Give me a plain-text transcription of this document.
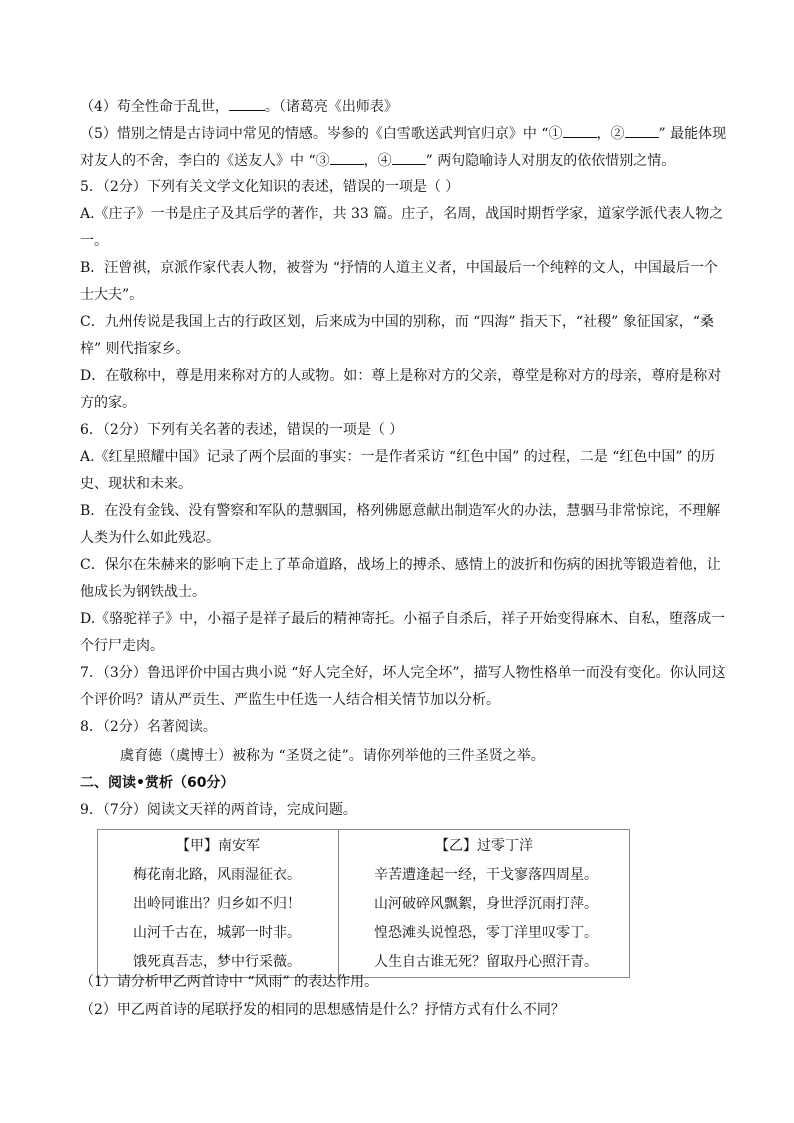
（4）苟全性命于乱世，	。（诸葛亮《出师表》
（5）惜别之情是古诗词中常见的情感。岑参的《白雪歌送武判官归京》中 “① ，② ” 最能体现
对友人的不舍，李白的《送友人》中 “③ ，④ ” 两句隐喻诗人对朋友的依依惜别之情。
5．（2分）下列有关文学文化知识的表述，错误的一项是（ ）
A.《庄子》一书是庄子及其后学的著作，共 33 篇。庄子，名周，战国时期哲学家，道家学派代表人物之
一。
B．汪曾祺，京派作家代表人物，被誉为 “抒情的人道主义者，中国最后一个纯粹的文人，中国最后一个
士大夫”。
C．九州传说是我国上古的行政区划，后来成为中国的别称，而 “四海” 指天下，“社稷” 象征国家，“桑
梓” 则代指家乡。
D．在敬称中，尊是用来称对方的人或物。如：尊上是称对方的父亲，尊堂是称对方的母亲，尊府是称对
方的家。
6．（2分）下列有关名著的表述，错误的一项是（ ）
A.《红星照耀中国》记录了两个层面的事实：一是作者采访 “红色中国” 的过程，二是 “红色中国” 的历
史、现状和未来。
B．在没有金钱、没有警察和军队的慧骃国，格列佛愿意献出制造军火的办法，慧骃马非常惊诧，不理解
人类为什么如此残忍。
C．保尔在朱赫来的影响下走上了革命道路，战场上的搏杀、感情上的波折和伤病的困扰等锻造着他，让
他成长为钢铁战士。
D.《骆驼祥子》中，小福子是祥子最后的精神寄托。小福子自杀后，祥子开始变得麻木、自私，堕落成一
个行尸走肉。
7．（3分）鲁迅评价中国古典小说 “好人完全好，坏人完全坏”，描写人物性格单一而没有变化。你认同这
个评价吗？请从严贡生、严监生中任选一人结合相关情节加以分析。
8．（2分）名著阅读。
虞育德（虞博士）被称为 “圣贤之徒”。请你列举他的三件圣贤之举。
二、阅读•赏析（60分）
9．（7分）阅读文天祥的两首诗，完成问题。
【甲】南安军
梅花南北路，风雨湿征衣。
出岭同谁出？归乡如不归！
山河千古在，城郭一时非。
饿死真吾志，梦中行采薇。

【乙】过零丁洋
辛苦遭逢起一经，干戈寥落四周星。
山河破碎风飘絮，身世浮沉雨打萍。
惶恐滩头说惶恐，零丁洋里叹零丁。
人生自古谁无死？留取丹心照汗青。
（1）请分析甲乙两首诗中 “风雨” 的表达作用。
（2）甲乙两首诗的尾联抒发的相同的思想感情是什么？抒情方式有什么不同？
